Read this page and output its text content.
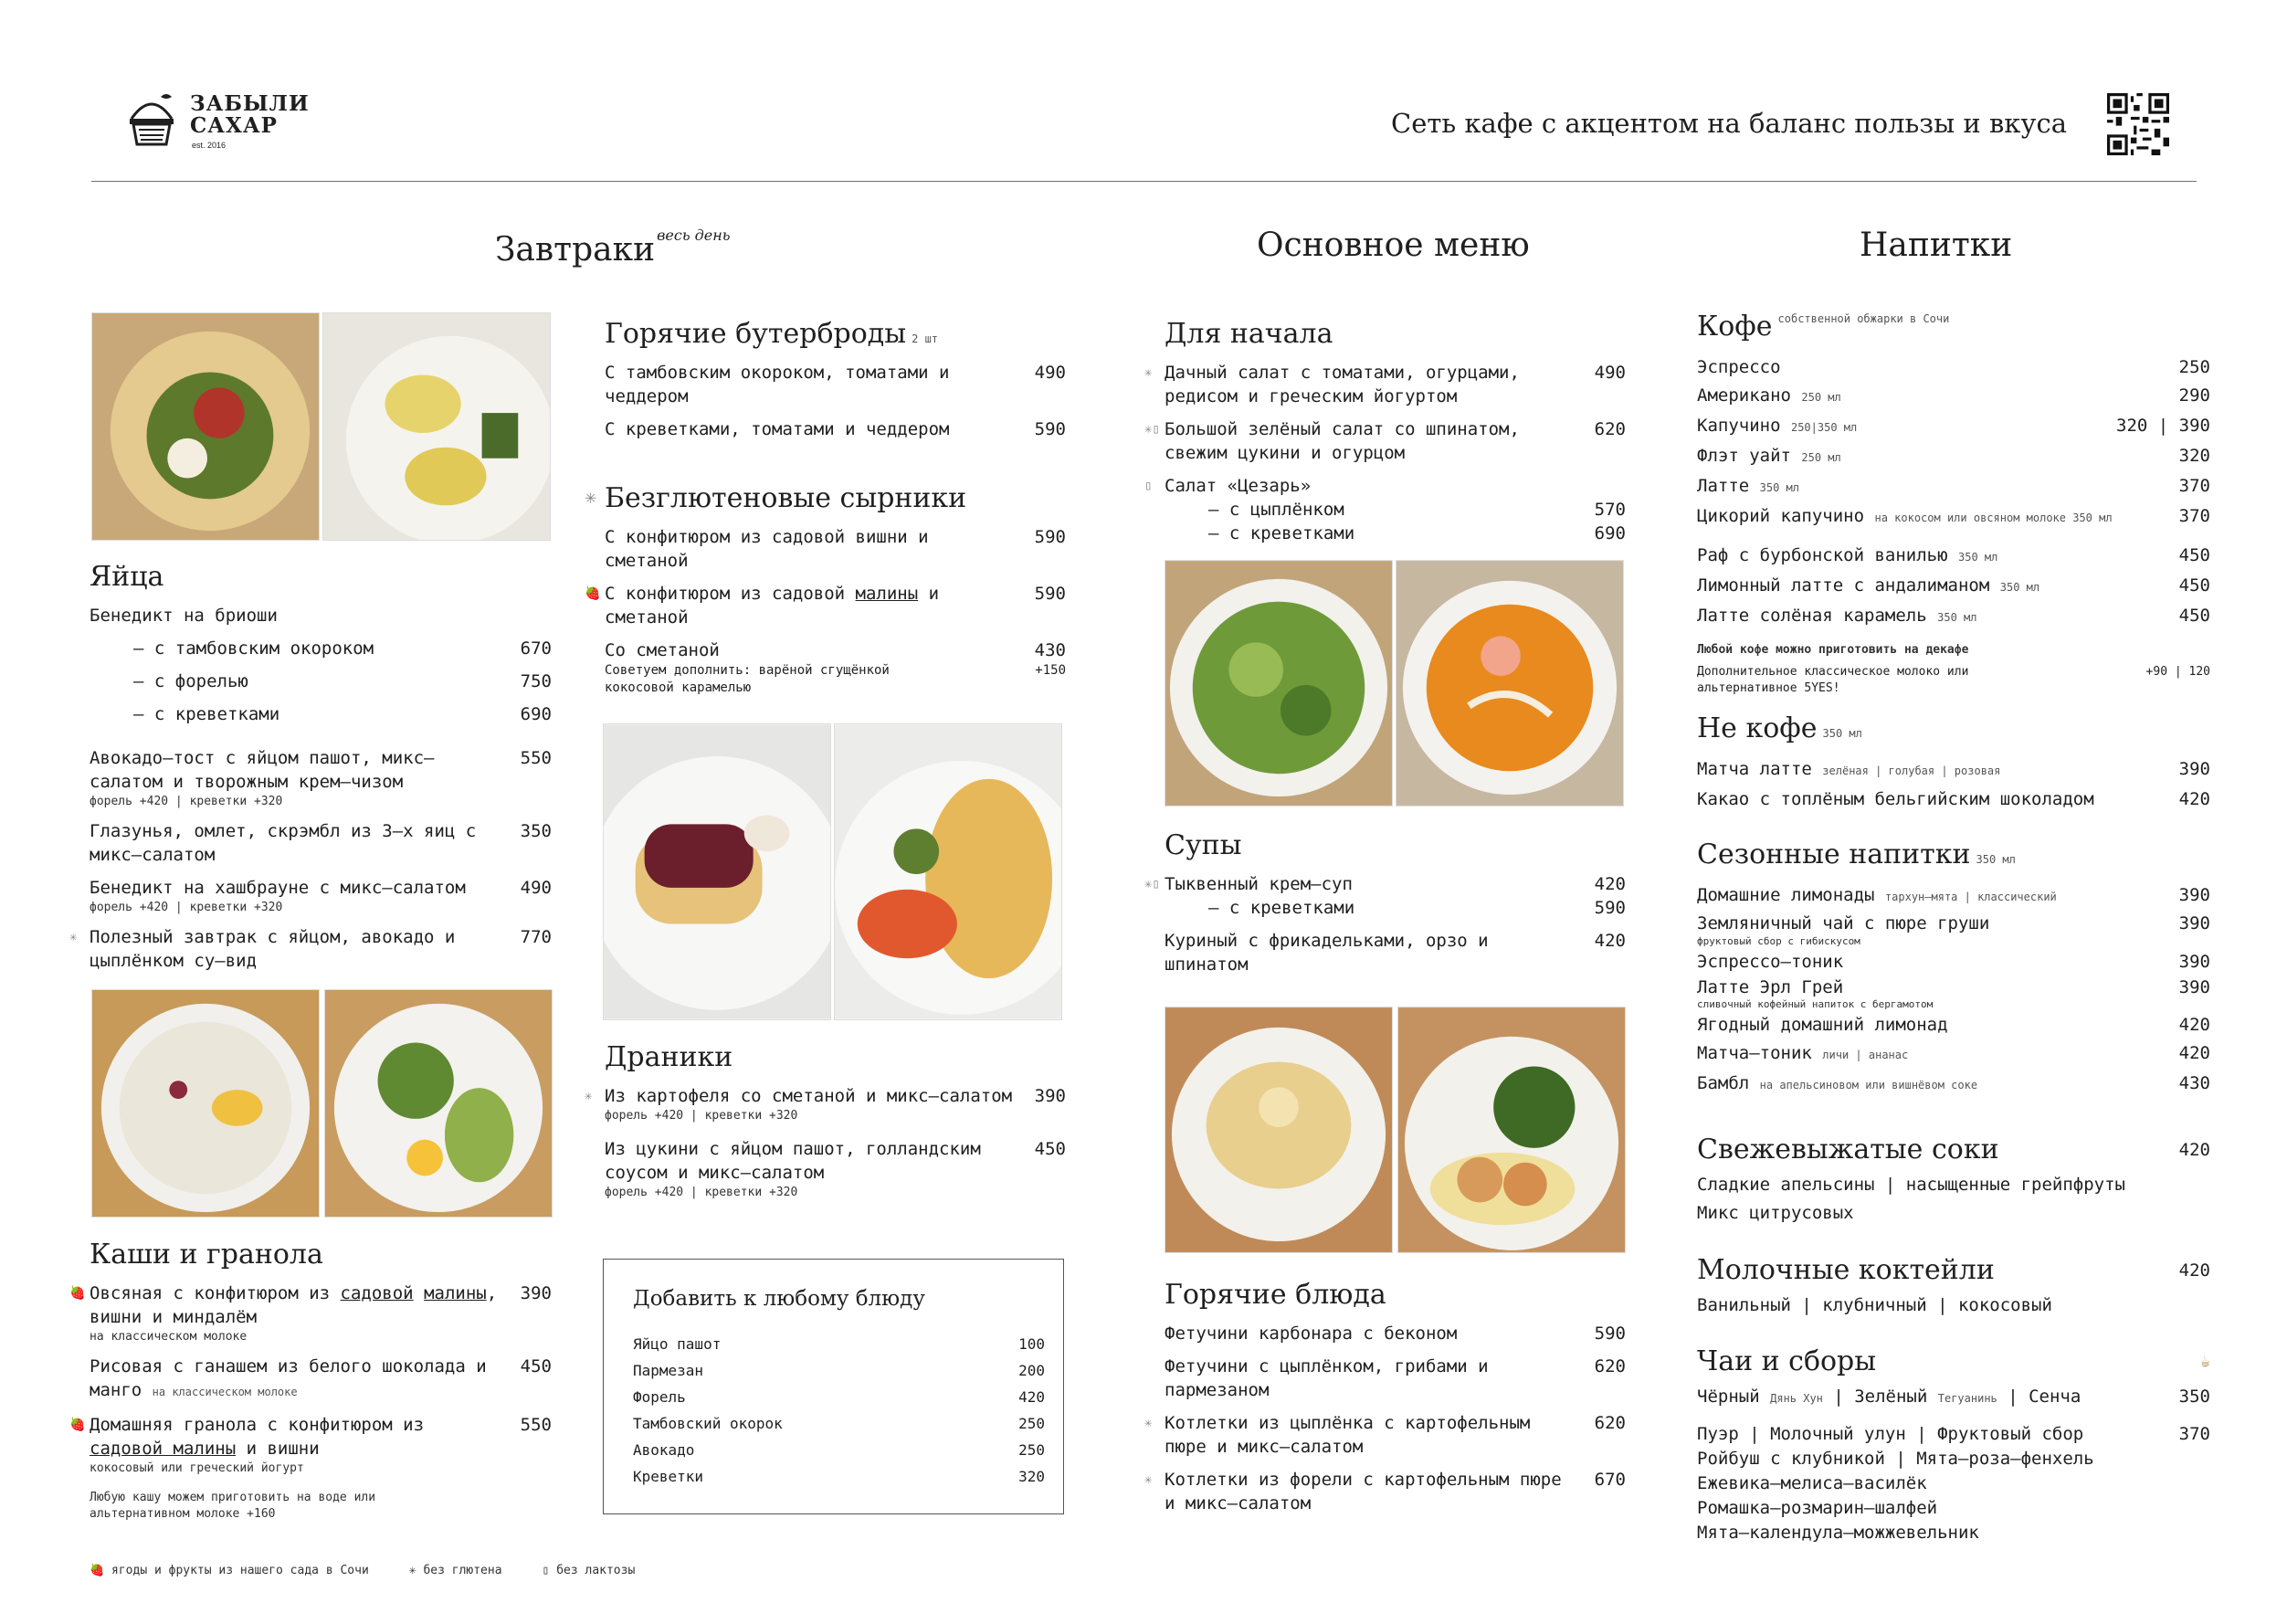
ЗАБЫЛИ
САХАР
est. 2016
Сеть кафе с акцентом на баланс пользы и вкуса
Завтраки $^{весь день}$	Основное меню	Напитки
Яйца
Бенедикт на бриоши
– с тамбовским окороком	670
– с форелью	750
– с креветками	690
Авокадо–тост с яйцом пашот, микс–салатом и творожным крем–чизом
550
форель +420 | креветки +320
Глазунья, омлет, скрэмбл из 3–х яиц с микс–салатом
350
Бенедикт на хашбрауне с микс–салатом	490
форель +420 | креветки +320
✳ Полезный завтрак с яйцом, авокадо и цыплёнком су–вид
770
Каши и гранола
🍓 Овсяная с конфитюром из садовой малины, вишни и миндалём
390
на классическом молоке
Рисовая с ганашем из белого шоколада и манго на классическом молоке
450
🍓 Домашняя гранола с конфитюром из садовой малины и вишни
550
кокосовый или греческий йогурт
Любую кашу можем приготовить на воде или альтернативном молоке +160
Горячие бутерброды 2 шт
С тамбовским окороком, томатами и чеддером
490
С креветками, томатами и чеддером	590
✳ Безглютеновые сырники
С конфитюром из садовой вишни и сметаной
590
🍓 С конфитюром из садовой малины и сметаной
590
Со сметаной	430
Советуем дополнить: варёной сгущёнкой кокосовой карамелью
+150
Драники
✳ Из картофеля со сметаной и микс–салатом	390
форель +420 | креветки +320
Из цукини с яйцом пашот, голландским соусом и микс–салатом
450
форель +420 | креветки +320
Добавить к любому блюду
Яйцо пашот	100
Пармезан	200
Форель	420
Тамбовский окорок	250
Авокадо	250
Креветки	320
Для начала
✳ Дачный салат с томатами, огурцами, редисом и греческим йогуртом
490
✳▯ Большой зелёный салат со шпинатом, свежим цукини и огурцом
620
▯ Салат «Цезарь»
– с цыплёнком	570
– с креветками	690
Супы
✳▯ Тыквенный крем–суп	420
– с креветками	590
Куриный с фрикадельками, орзо и шпинатом
420
Горячие блюда
Фетучини карбонара с беконом	590
Фетучини с цыплёнком, грибами и пармезаном
620
✳ Котлетки из цыплёнка с картофельным пюре и микс–салатом
620
✳ Котлетки из форели с картофельным пюре и микс–салатом
670
Кофе $^{собственной обжарки в Сочи}$
Эспрессо	250
Американо 250 мл	290
Капучино 250|350 мл	320 | 390
Флэт уайт 250 мл	320
Латте 350 мл	370
Цикорий капучино на кокосом или овсяном молоке 350 мл	370
Раф с бурбонской ванилью 350 мл	450
Лимонный латте с андалиманом 350 мл	450
Латте солёная карамель 350 мл	450
Любой кофе можно приготовить на декафе
Дополнительное классическое молоко или альтернативное 5YES!
+90 | 120
Не кофе 350 мл
Матча латте зелёная | голубая | розовая	390
Какао с топлёным бельгийским шоколадом	420
Сезонные напитки 350 мл
Домашние лимонады тархун–мята | классический	390
Земляничный чай с пюре груши	390
фруктовый сбор с гибискусом
Эспрессо–тоник	390
Латте Эрл Грей	390
сливочный кофейный напиток с бергамотом
Ягодный домашний лимонад	420
Матча–тоник личи | ананас	420
Бамбл на апельсиновом или вишнёвом соке	430
Свежевыжатые соки	420
Сладкие апельсины | насыщенные грейпфруты
Микс цитрусовых
Молочные коктейли	420
Ванильный | клубничный | кокосовый
Чаи и сборы	☕
Чёрный Дянь Хун | Зелёный Тегуанинь | Сенча	350
Пуэр | Молочный улун | Фруктовый сбор	370
Ройбуш с клубникой | Мята–роза–фенхель
Ежевика–мелиса–василёк
Ромашка–розмарин–шалфей
Мята–календула–можжевельник
🍓 ягоды и фрукты из нашего сада в Сочи	✳ без глютена	▯ без лактозы
